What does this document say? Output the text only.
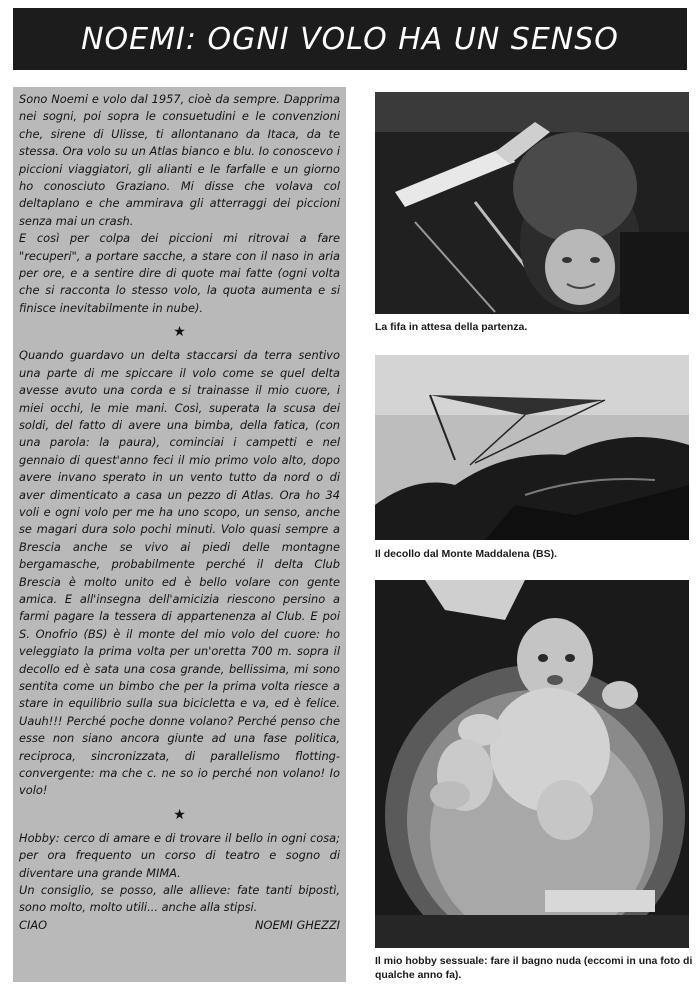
NOEMI: OGNI VOLO HA UN SENSO

Sono Noemi e volo dal 1957, cioè da sempre. Dapprima nei sogni, poi sopra le consuetudini e le convenzioni che, sirene di Ulisse, ti allontanano da Itaca, da te stessa. Ora volo su un Atlas bianco e blu. Io conoscevo i piccioni viaggiatori, gli alianti e le farfalle e un giorno ho conosciuto Graziano. Mi disse che volava col deltaplano e che ammirava gli atterraggi dei piccioni senza mai un crash.

E così per colpa dei piccioni mi ritrovai a fare "recuperi", a portare sacche, a stare con il naso in aria per ore, e a sentire dire di quote mai fatte (ogni volta che si racconta lo stesso volo, la quota aumenta e si finisce inevitabilmente in nube).

★

Quando guardavo un delta staccarsi da terra sentivo una parte di me spiccare il volo come se quel delta avesse avuto una corda e si trainasse il mio cuore, i miei occhi, le mie mani. Così, superata la scusa dei soldi, del fatto di avere una bimba, della fatica, (con una parola: la paura), cominciai i campetti e nel gennaio di quest'anno feci il mio primo volo alto, dopo avere invano sperato in un vento tutto da nord o di aver dimenticato a casa un pezzo di Atlas. Ora ho 34 voli e ogni volo per me ha uno scopo, un senso, anche se magari dura solo pochi minuti. Volo quasi sempre a Brescia anche se vivo ai piedi delle montagne bergamasche, probabilmente perché il delta Club Brescia è molto unito ed è bello volare con gente amica. E all'insegna dell'amicizia riescono persino a farmi pagare la tessera di appartenenza al Club. E poi S. Onofrio (BS) è il monte del mio volo del cuore: ho veleggiato la prima volta per un'oretta 700 m. sopra il decollo ed è sata una cosa grande, bellissima, mi sono sentita come un bimbo che per la prima volta riesce a stare in equilibrio sulla sua bicicletta e va, ed è felice. Uauh!!! Perché poche donne volano? Perché penso che esse non siano ancora giunte ad una fase politica, reciproca, sincronizzata, di parallelismo flotting-convergente: ma che c. ne so io perché non volano! Io volo!

★

Hobby: cerco di amare e di trovare il bello in ogni cosa; per ora frequento un corso di teatro e sogno di diventare una grande MIMA.

Un consiglio, se posso, alle allieve: fate tanti bipostì, sono molto, molto utili... anche alla stipsi.

CIAO	NOEMI GHEZZI
La fifa in attesa della partenza.
Il decollo dal Monte Maddalena (BS).
Il mio hobby sessuale: fare il bagno nuda (eccomi in una foto di qualche anno fa).
